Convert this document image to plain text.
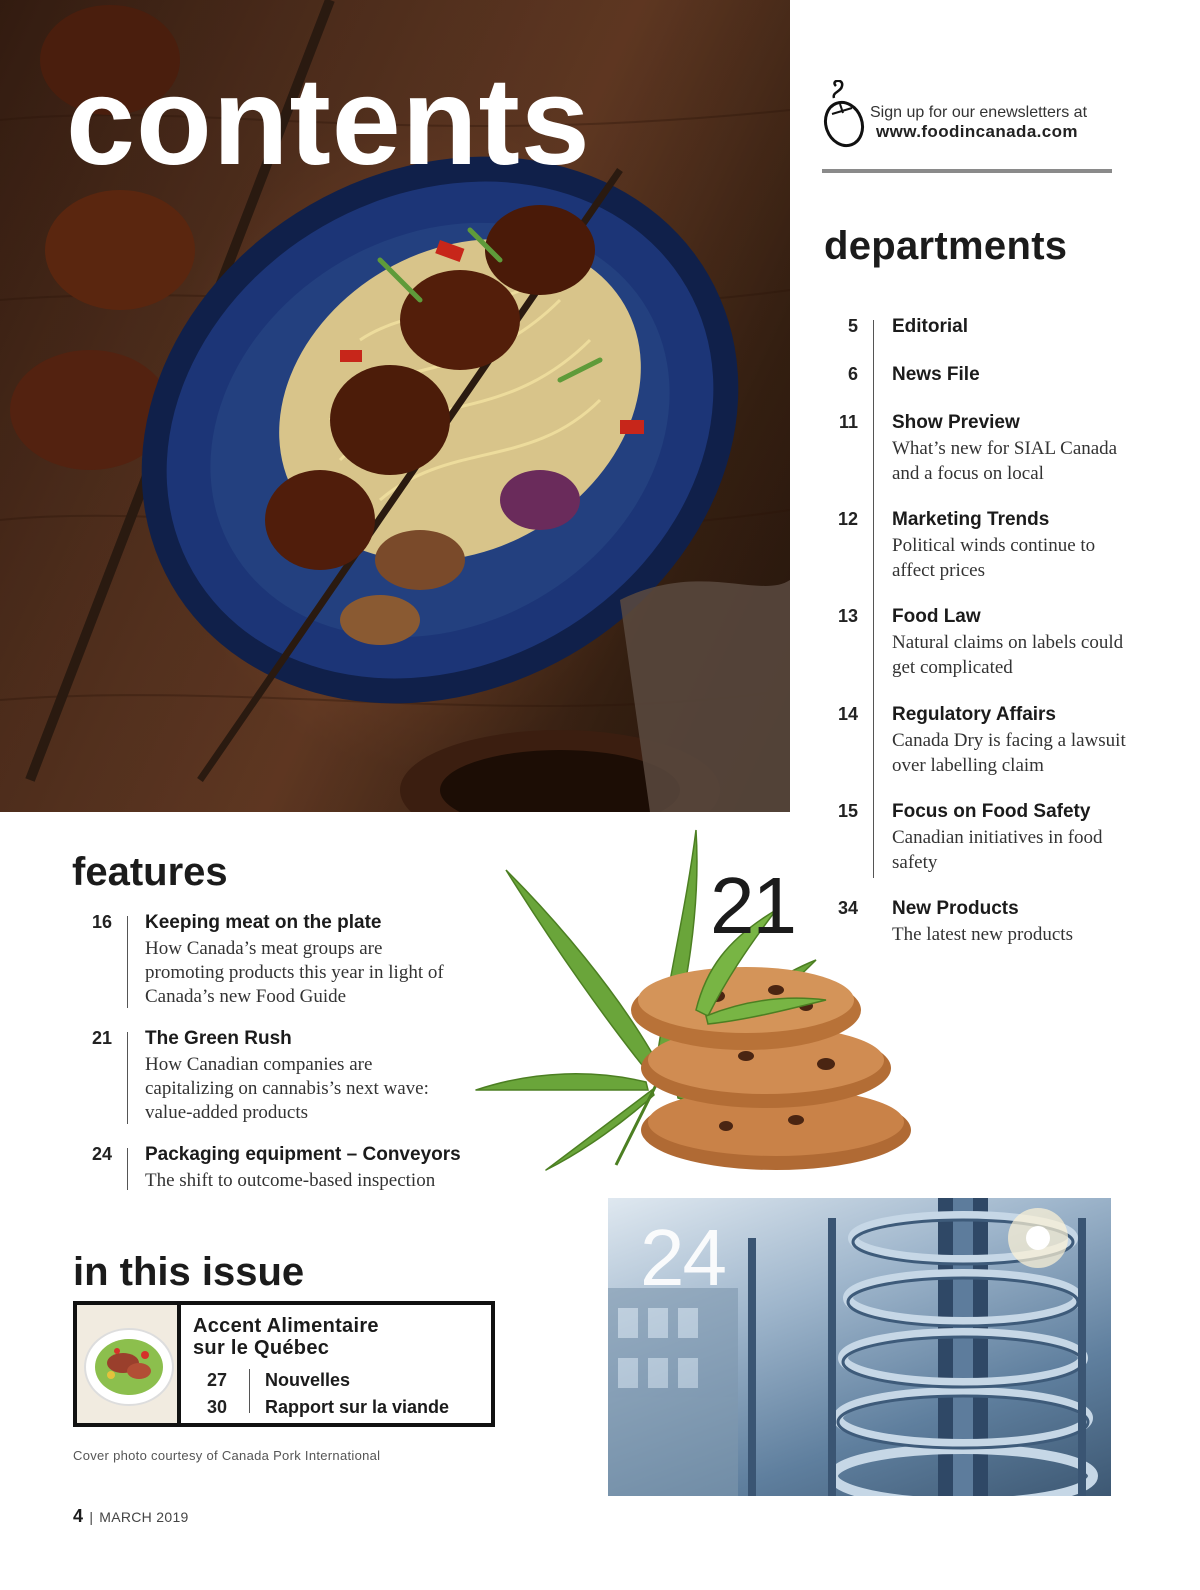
contents	Sign up for our enewsletters at
www.foodincanada.com
departments
5 Editorial
6 News File
11 Show Preview
What’s new for SIAL Canada and a focus on local
12 Marketing Trends
Political winds continue to affect prices
13 Food Law
Natural claims on labels could get complicated
14 Regulatory Affairs
Canada Dry is facing a lawsuit over labelling claim
15 Focus on Food Safety
Canadian initiatives in food safety
34 New Products
The latest new products
21
features
16 Keeping meat on the plate
How Canada’s meat groups are promoting products this year in light of Canada’s new Food Guide
21 The Green Rush
How Canadian companies are capitalizing on cannabis’s next wave: value-added products
24 Packaging equipment – Conveyors
The shift to outcome-based inspection
24
in this issue
Accent Alimentaire
sur le Québec
27	Nouvelles
30	Rapport sur la viande
Cover photo courtesy of Canada Pork International
4 | MARCH 2019
